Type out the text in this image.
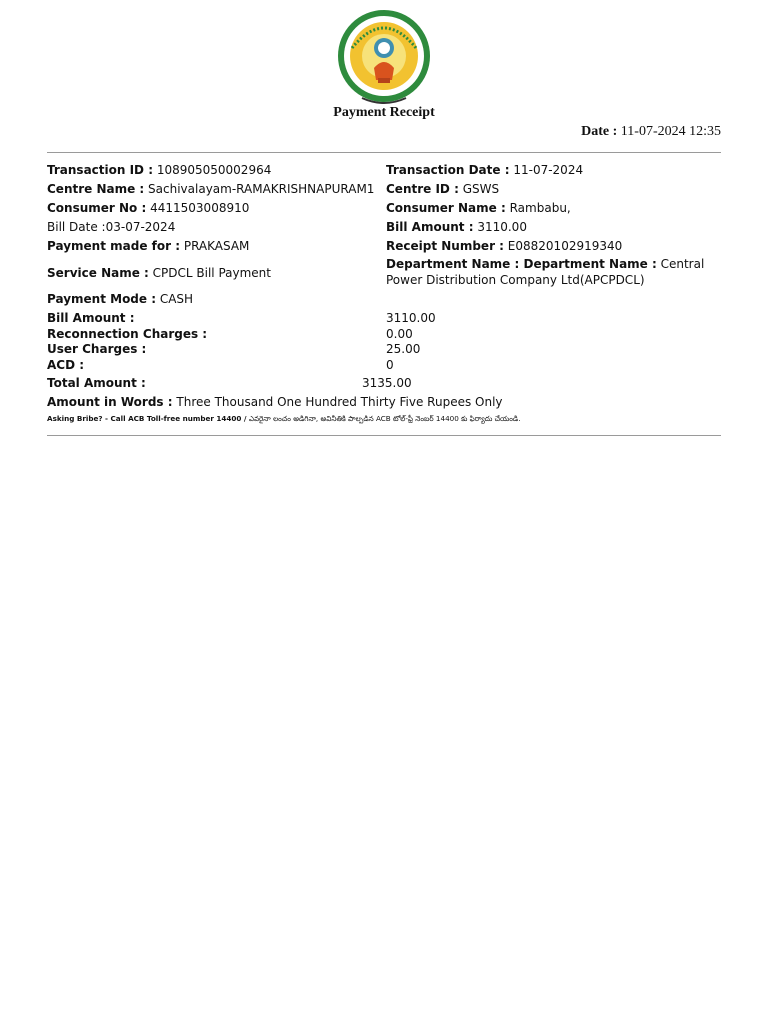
Payment Receipt
Date : 11-07-2024 12:35
Transaction ID : 108905050002964	Transaction Date : 11-07-2024
Centre Name : Sachivalayam-RAMAKRISHNAPURAM1 Centre ID : GSWS
Consumer No : 4411503008910	Consumer Name : Rambabu,
Bill Date :03-07-2024	Bill Amount : 3110.00
Payment made for : PRAKASAM	Receipt Number : E08820102919340
Service Name : CPDCL Bill Payment
Department Name : Department Name : Central Power Distribution Company Ltd(APCPDCL)
Payment Mode : CASH
Bill Amount :	3110.00
Reconnection Charges :	0.00
User Charges :	25.00
ACD :	0
Total Amount :	3135.00
Amount in Words : Three Thousand One Hundred Thirty Five Rupees Only
Asking Bribe? - Call ACB Toll-free number 14400 / ఎవరైనా లంచం అడిగినా, అవినీతికి పాల్పడిన ACB టోల్-ఫ్రీ నెంబర్ 14400 కు ఫిర్యాదు చేయండి.
